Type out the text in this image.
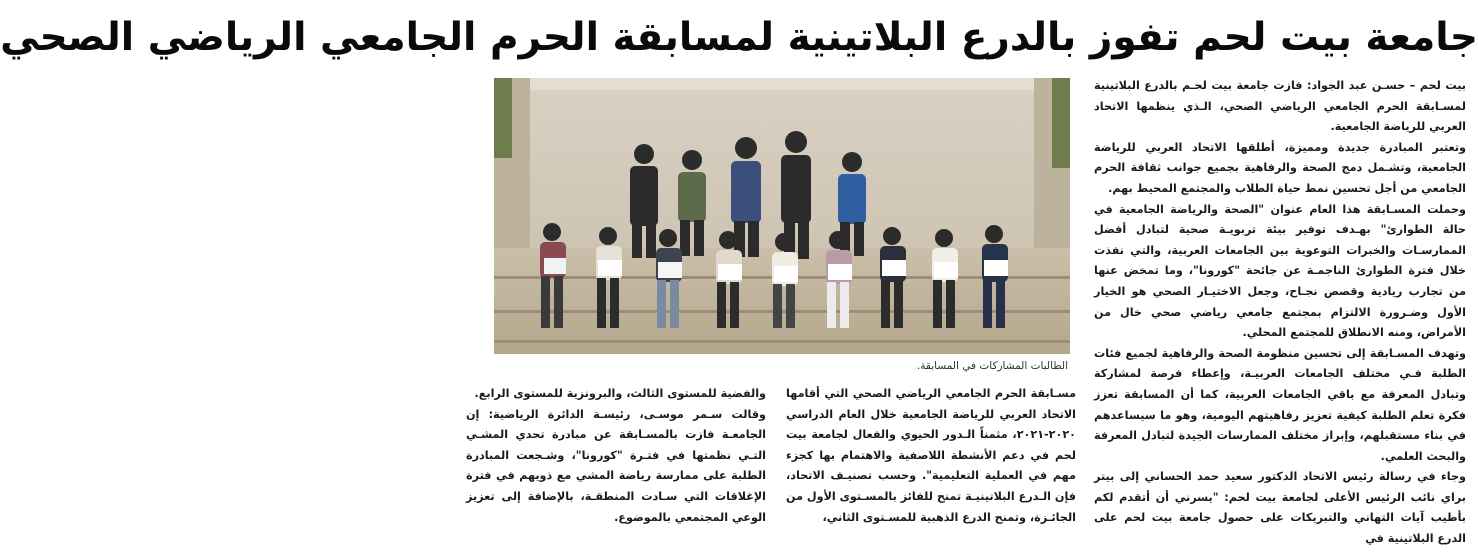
جامعة بيت لحم تفوز بالدرع البلاتينية لمسابقة الحرم الجامعي الرياضي الصحي

بيت لحم – حسـن عبد الجواد: فازت جامعة بيت لحـم بالدرع البلاتينية لمسـابقة الحرم الجامعي الرياضي الصحي، الـذي ينظمها الاتحاد العربي للرياضة الجامعية.

وتعتبر المبادرة جديدة ومميزة، أطلقها الاتحاد العربي للرياضة الجامعية، وتشـمل دمج الصحة والرفاهية بجميع جوانب ثقافة الحرم الجامعي من أجل تحسين نمط حياة الطلاب والمجتمع المحيط بهم.

وحملت المسـابقة هذا العام عنوان "الصحة والرياضة الجامعية في حالة الطوارئ" بهـدف توفير بيئة تربويـة صحية لتبادل أفضل الممارسـات والخبرات التوعوية بين الجامعات العربية، والتي نفذت خلال فترة الطوارئ الناجمـة عن جائحة "كورونا"، وما تمخض عنها من تجارب ريادية وقصص نجـاح، وجعل الاختيـار الصحي هو الخيار الأول وضـرورة الالتزام بمجتمع جامعي رياضي صحي خال من الأمراض، ومنه الانطلاق للمجتمع المحلي.

وتهدف المسـابقة إلى تحسين منظومة الصحة والرفاهية لجميع فئات الطلبة فـي مختلف الجامعات العربيـة، وإعطاء فرصة لمشاركة وتبادل المعرفة مع باقي الجامعات العربية، كما أن المسابقة تعزز فكرة تعلم الطلبة كيفية تعزيز رفاهيتهم اليومية، وهو ما سيساعدهم في بناء مستقبلهم، وإبراز مختلف الممارسات الجيدة لتبادل المعرفة والبحث العلمي.

وجاء في رسالة رئيس الاتحاد الدكتور سعيد حمد الحساني إلى بيتر براي نائب الرئيس الأعلى لجامعة بيت لحم: "يسرني أن أتقدم لكم بأطيب آيات التهاني والتبريكات على حصول جامعة بيت لحم على الدرع البلاتينية في

الطالبات المشاركات في المسابقة.

مسـابقة الحرم الجامعي الرياضي الصحي التي أقامها الاتحاد العربي للرياضة الجامعية خلال العام الدراسي ٢٠٢٠-٢٠٢١، مثمناً الـدور الحيوي والفعال لجامعة بيت لحم في دعم الأنشطة اللاصفية والاهتمام بها كجزء مهم في العملية التعليمية". وحسب تصنيـف الاتحاد، فإن الـدرع البلاتينيـة تمنح للفائز بالمسـتوى الأول من الجائـزة، وتمنح الدرع الذهبية للمسـتوى الثاني،

والفضية للمستوى الثالث، والبرونزية للمستوى الرابع.

وقالت سـمر موسـى، رئيسـة الدائرة الرياضية: إن الجامعـة فازت بالمسـابقة عن مبادرة تحدي المشـي التـي نظمتها في فتـرة "كورونا"، وشـجعت المبادرة الطلبة على ممارسة رياضة المشي مع ذويهم في فترة الإغلاقات التي سـادت المنطقـة، بالإضافة إلى تعزيز الوعي المجتمعي بالموضوع.
